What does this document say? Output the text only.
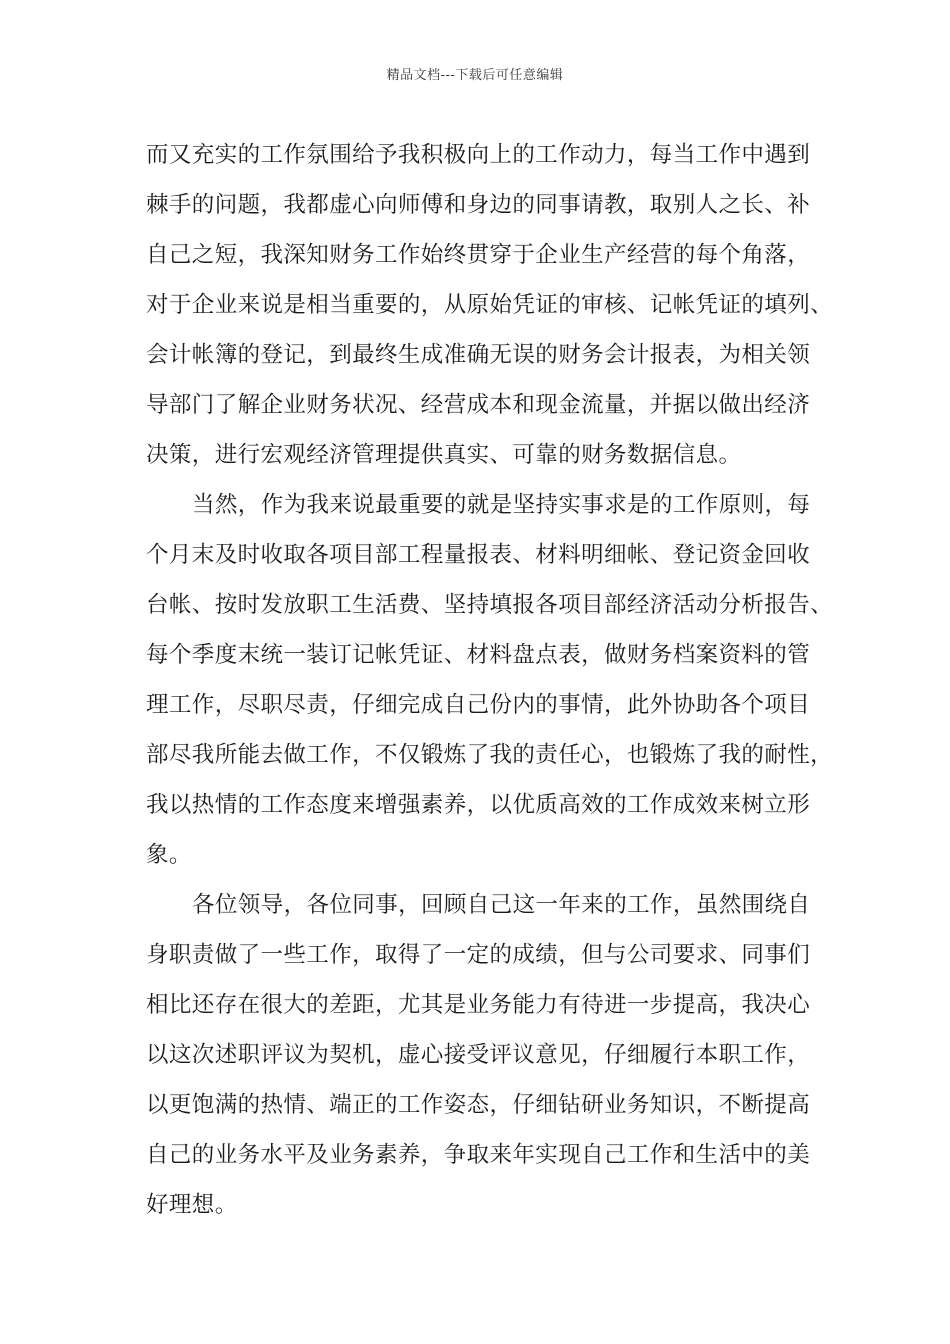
精品文档---下载后可任意编辑
而又充实的工作氛围给予我积极向上的工作动力，每当工作中遇到
棘手的问题，我都虚心向师傅和身边的同事请教，取别人之长、补
自己之短，我深知财务工作始终贯穿于企业生产经营的每个角落，
对于企业来说是相当重要的，从原始凭证的审核、记帐凭证的填列、
会计帐簿的登记，到最终生成准确无误的财务会计报表，为相关领
导部门了解企业财务状况、经营成本和现金流量，并据以做出经济
决策，进行宏观经济管理提供真实、可靠的财务数据信息。
当然，作为我来说最重要的就是坚持实事求是的工作原则，每
个月末及时收取各项目部工程量报表、材料明细帐、登记资金回收
台帐、按时发放职工生活费、坚持填报各项目部经济活动分析报告、
每个季度末统一装订记帐凭证、材料盘点表，做财务档案资料的管
理工作，尽职尽责，仔细完成自己份内的事情，此外协助各个项目
部尽我所能去做工作，不仅锻炼了我的责任心，也锻炼了我的耐性，
我以热情的工作态度来增强素养，以优质高效的工作成效来树立形
象。
各位领导，各位同事，回顾自己这一年来的工作，虽然围绕自
身职责做了一些工作，取得了一定的成绩，但与公司要求、同事们
相比还存在很大的差距，尤其是业务能力有待进一步提高，我决心
以这次述职评议为契机，虚心接受评议意见，仔细履行本职工作，
以更饱满的热情、端正的工作姿态，仔细钻研业务知识，不断提高
自己的业务水平及业务素养，争取来年实现自己工作和生活中的美
好理想。
